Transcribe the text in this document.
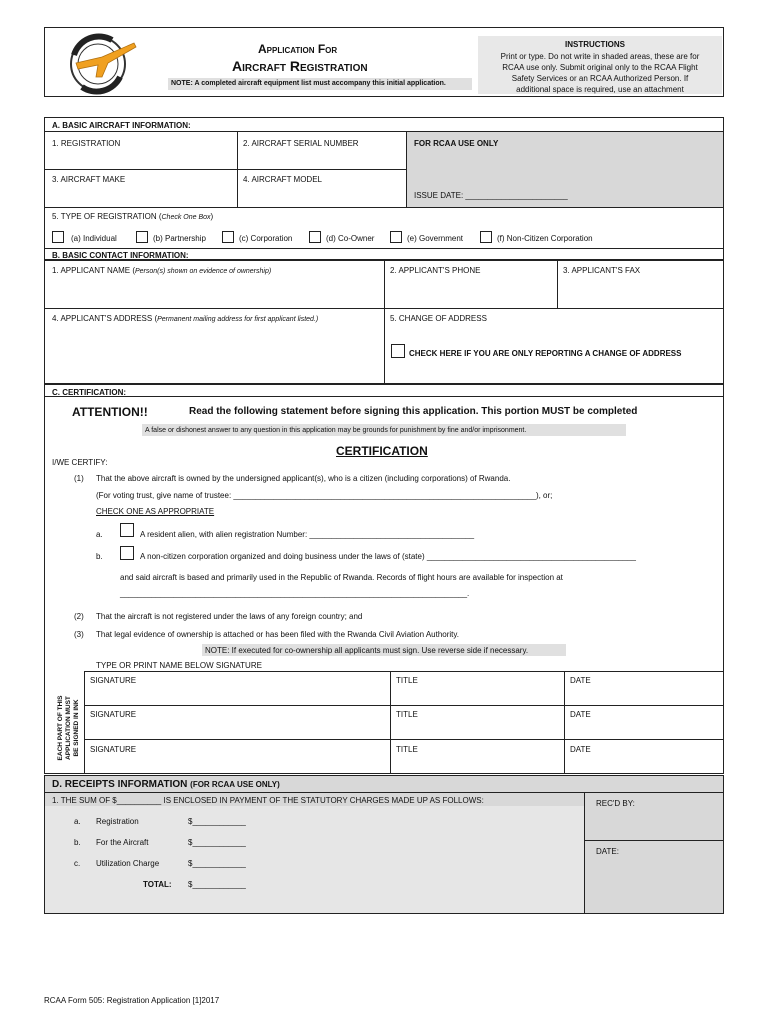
Application For
Aircraft Registration
NOTE: A completed aircraft equipment list must accompany this initial application.
INSTRUCTIONS
Print or type. Do not write in shaded areas, these are for
RCAA use only. Submit original only to the RCAA Flight
Safety Services or an RCAA Authorized Person. If
additional space is required, use an attachment
A. BASIC AIRCRAFT INFORMATION:
1. REGISTRATION	2. AIRCRAFT SERIAL NUMBER	FOR RCAA USE ONLY
3. AIRCRAFT MAKE	4. AIRCRAFT MODEL
ISSUE DATE: _______________________
5. TYPE OF REGISTRATION (Check One Box)
(a) Individual	(b) Partnership	(c) Corporation	(d) Co-Owner	(e) Government	(f) Non-Citizen Corporation
B. BASIC CONTACT INFORMATION:
1. APPLICANT NAME (Person(s) shown on evidence of ownership)	2. APPLICANT'S PHONE	3. APPLICANT'S FAX
4. APPLICANT'S ADDRESS (Permanent mailing address for first applicant listed.)	5. CHANGE OF ADDRESS
CHECK HERE IF YOU ARE ONLY REPORTING A CHANGE OF ADDRESS
C. CERTIFICATION:
ATTENTION!!	Read the following statement before signing this application. This portion MUST be completed
A false or dishonest answer to any question in this application may be grounds for punishment by fine and/or imprisonment.
CERTIFICATION
I/WE CERTIFY:
(1) That the above aircraft is owned by the undersigned applicant(s), who is a citizen (including corporations) of Rwanda.
(For voting trust, give name of trustee: ____________________________________________________________________), or;
CHECK ONE AS APPROPRIATE
a.	A resident alien, with alien registration Number: _____________________________________
b.	A non-citizen corporation organized and doing business under the laws of (state) _______________________________________________
and said aircraft is based and primarily used in the Republic of Rwanda. Records of flight hours are available for inspection at
______________________________________________________________________________.
(2) That the aircraft is not registered under the laws of any foreign country; and
(3) That legal evidence of ownership is attached or has been filed with the Rwanda Civil Aviation Authority.
NOTE: If executed for co-ownership all applicants must sign. Use reverse side if necessary.
TYPE OR PRINT NAME BELOW SIGNATURE
EACH PART OF THIS APPLICATION MUST BE SIGNED IN INK
SIGNATURE	TITLE	DATE
SIGNATURE	TITLE	DATE
SIGNATURE	TITLE	DATE
D. RECEIPTS INFORMATION (FOR RCAA USE ONLY)
1. THE SUM OF $__________ IS ENCLOSED IN PAYMENT OF THE STATUTORY CHARGES MADE UP AS FOLLOWS:	REC'D BY:
DATE:
a. Registration	$____________
b. For the Aircraft	$____________
c. Utilization Charge	$____________
TOTAL: $____________
RCAA Form 505: Registration Application [1]2017
